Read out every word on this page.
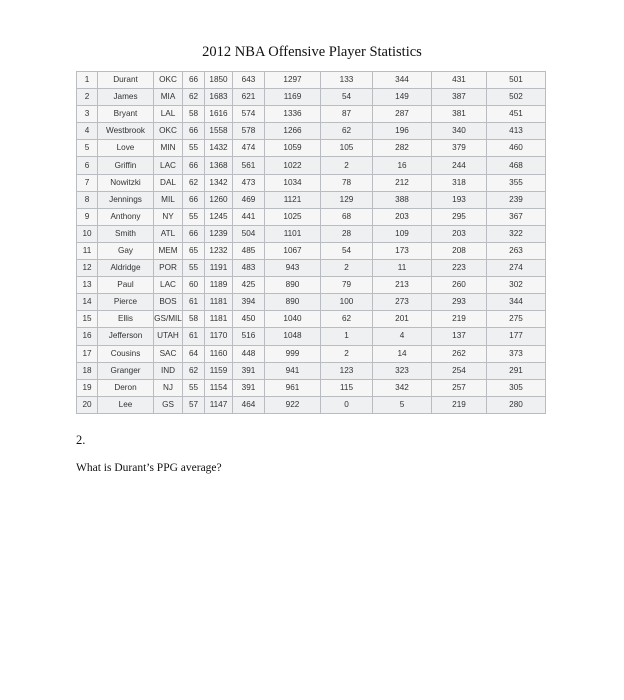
2012 NBA Offensive Player Statistics
1	Durant	OKC	66	1850	643	1297	133	344	431	501
2	James	MIA	62	1683	621	1169	54	149	387	502
3	Bryant	LAL	58	1616	574	1336	87	287	381	451
4	Westbrook	OKC	66	1558	578	1266	62	196	340	413
5	Love	MIN	55	1432	474	1059	105	282	379	460
6	Griffin	LAC	66	1368	561	1022	2	16	244	468
7	Nowitzki	DAL	62	1342	473	1034	78	212	318	355
8	Jennings	MIL	66	1260	469	1121	129	388	193	239
9	Anthony	NY	55	1245	441	1025	68	203	295	367
10	Smith	ATL	66	1239	504	1101	28	109	203	322
11	Gay	MEM	65	1232	485	1067	54	173	208	263
12	Aldridge	POR	55	1191	483	943	2	11	223	274
13	Paul	LAC	60	1189	425	890	79	213	260	302
14	Pierce	BOS	61	1181	394	890	100	273	293	344
15	Ellis	GS/MIL	58	1181	450	1040	62	201	219	275
16	Jefferson	UTAH	61	1170	516	1048	1	4	137	177
17	Cousins	SAC	64	1160	448	999	2	14	262	373
18	Granger	IND	62	1159	391	941	123	323	254	291
19	Deron	NJ	55	1154	391	961	115	342	257	305
20	Lee	GS	57	1147	464	922	0	5	219	280
2.
What is Durant’s PPG average?
